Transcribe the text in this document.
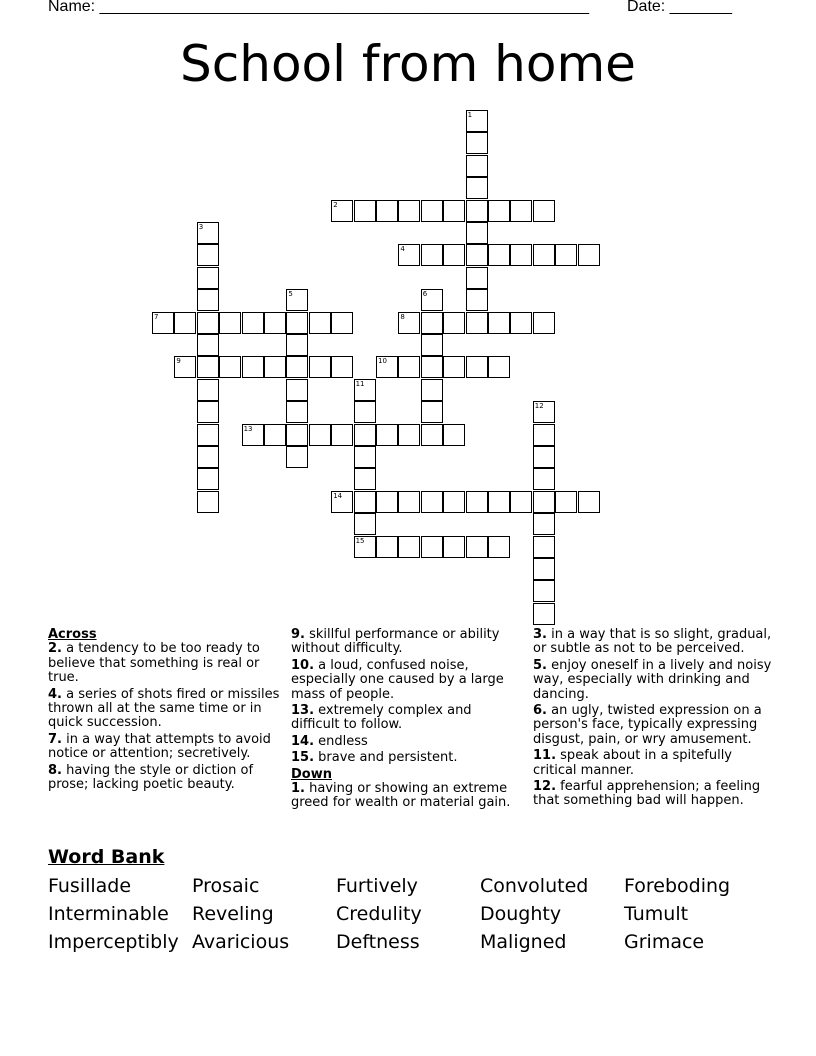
Name: _______________________________________________________ Date: _______
School from home
2
4
7	8
9	10
13
14
15
1
3
5	6
11
12

Across

2. a tendency to be too ready to believe that something is real or true.

4. a series of shots fired or missiles thrown all at the same time or in quick succession.

7. in a way that attempts to avoid notice or attention; secretively.

8. having the style or diction of prose; lacking poetic beauty.

9. skillful performance or ability without difficulty.

10. a loud, confused noise, especially one caused by a large mass of people.

13. extremely complex and difficult to follow.

14. endless

15. brave and persistent.

Down

1. having or showing an extreme greed for wealth or material gain.

3. in a way that is so slight, gradual, or subtle as not to be perceived.

5. enjoy oneself in a lively and noisy way, especially with drinking and dancing.

6. an ugly, twisted expression on a person's face, typically expressing disgust, pain, or wry amusement.

11. speak about in a spitefully critical manner.

12. fearful apprehension; a feeling that something bad will happen.

Word Bank
Fusillade	Prosaic	Furtively	Convoluted Foreboding
Interminable Reveling	Credulity	Doughty	Tumult
Imperceptibly Avaricious Deftness	Maligned	Grimace
